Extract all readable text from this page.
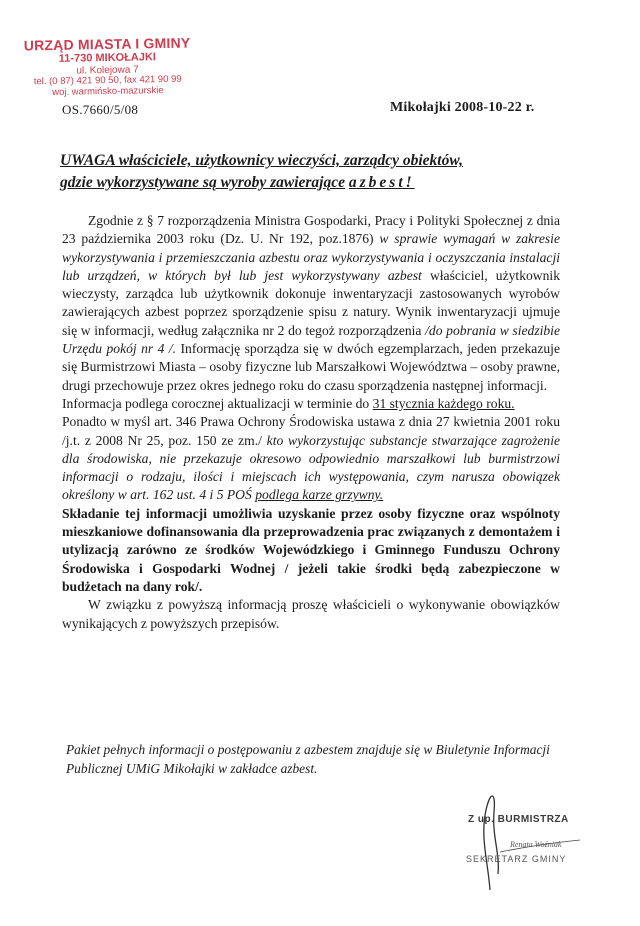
URZĄD MIASTA I GMINY
11-730 MIKOŁAJKI
ul. Kolejowa 7
tel. (0 87) 421 90 50, fax 421 90 99
woj. warmińsko-mazurskie
OS.7660/5/08	Mikołajki 2008-10-22 r.
UWAGA właściciele, użytkownicy wieczyści, zarządcy obiektów,
gdzie wykorzystywane są wyroby zawierające azbest!

Zgodnie z § 7 rozporządzenia Ministra Gospodarki, Pracy i Polityki Społecznej z dnia 23 października 2003 roku (Dz. U. Nr 192, poz.1876) w sprawie wymagań w zakresie wykorzystywania i przemieszczania azbestu oraz wykorzystywania i oczyszczania instalacji lub urządzeń, w których był lub jest wykorzystywany azbest właściciel, użytkownik wieczysty, zarządca lub użytkownik dokonuje inwentaryzacji zastosowanych wyrobów zawierających azbest poprzez sporządzenie spisu z natury. Wynik inwentaryzacji ujmuje się w informacji, według załącznika nr 2 do tegoż rozporządzenia /do pobrania w siedzibie Urzędu pokój nr 4 /. Informację sporządza się w dwóch egzemplarzach, jeden przekazuje się Burmistrzowi Miasta – osoby fizyczne lub Marszałkowi Województwa – osoby prawne, drugi przechowuje przez okres jednego roku do czasu sporządzenia następnej informacji.

Informacja podlega corocznej aktualizacji w terminie do 31 stycznia każdego roku.

Ponadto w myśl art. 346 Prawa Ochrony Środowiska ustawa z dnia 27 kwietnia 2001 roku /j.t. z 2008 Nr 25, poz. 150 ze zm./ kto wykorzystując substancje stwarzające zagrożenie dla środowiska, nie przekazuje okresowo odpowiednio marszałkowi lub burmistrzowi informacji o rodzaju, ilości i miejscach ich występowania, czym narusza obowiązek określony w art. 162 ust. 4 i 5 POŚ podlega karze grzywny.

Składanie tej informacji umożliwia uzyskanie przez osoby fizyczne oraz wspólnoty mieszkaniowe dofinansowania dla przeprowadzenia prac związanych z demontażem i utylizacją zarówno ze środków Wojewódzkiego i Gminnego Funduszu Ochrony Środowiska i Gospodarki Wodnej / jeżeli takie środki będą zabezpieczone w budżetach na dany rok/.

W związku z powyższą informacją proszę właścicieli o wykonywanie obowiązków wynikających z powyższych przepisów.

Pakiet pełnych informacji o postępowaniu z azbestem znajduje się w Biuletynie Informacji Publicznej UMiG Mikołajki w zakładce azbest.
Z up. BURMISTRZA
Renata Woźniak
SEKRETARZ GMINY
